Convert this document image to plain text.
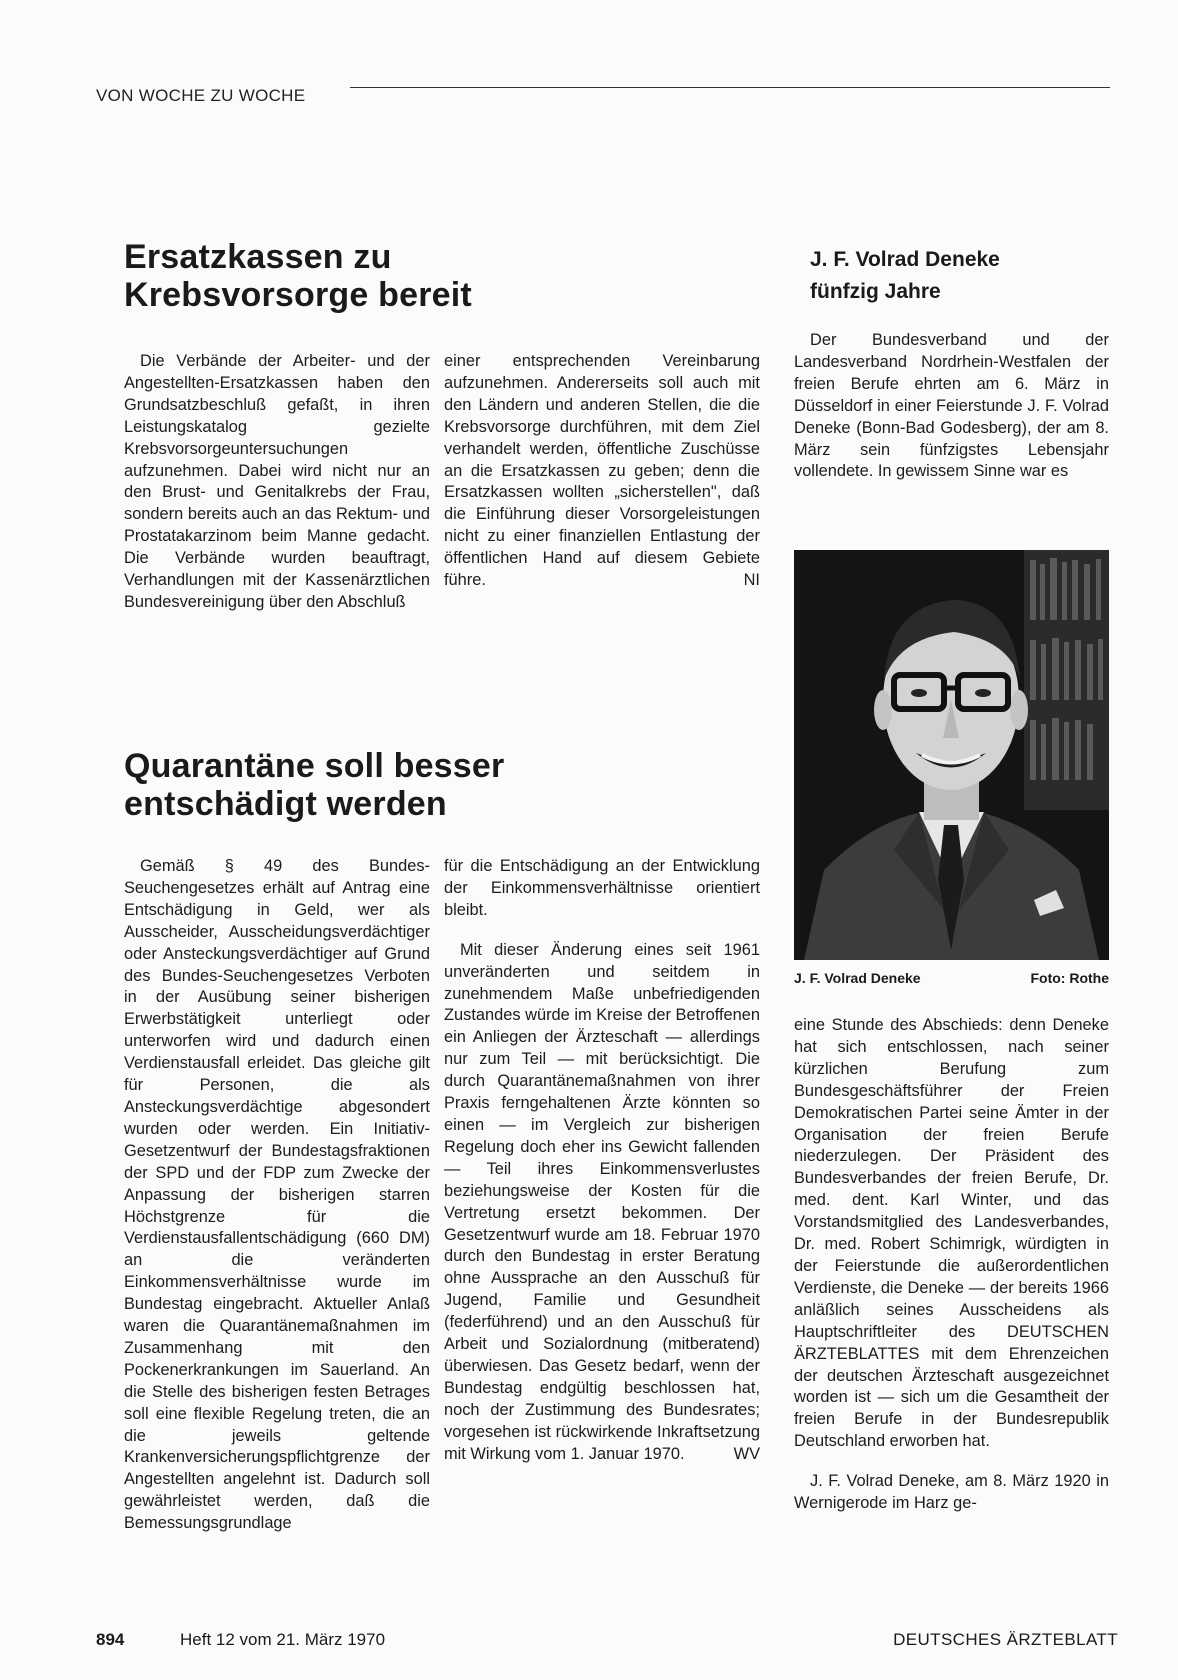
VON WOCHE ZU WOCHE
Ersatzkassen zu
Krebsvorsorge bereit

Die Verbände der Arbeiter- und der Angestellten-Ersatzkassen haben den Grundsatzbeschluß gefaßt, in ihren Leistungskatalog gezielte Krebsvorsorgeuntersuchungen aufzunehmen. Dabei wird nicht nur an den Brust- und Genitalkrebs der Frau, sondern bereits auch an das Rektum- und Prostatakarzinom beim Manne gedacht. Die Verbände wurden beauftragt, Verhandlungen mit der Kassenärztlichen Bundesvereinigung über den Abschluß

einer entsprechenden Vereinbarung aufzunehmen. Andererseits soll auch mit den Ländern und anderen Stellen, die die Krebsvorsorge durchführen, mit dem Ziel verhandelt werden, öffentliche Zuschüsse an die Ersatzkassen zu geben; denn die Ersatzkassen wollten „sicherstellen", daß die Einführung dieser Vorsorgeleistungen nicht zu einer finanziellen Entlastung der öffentlichen Hand auf diesem Gebiete führe.	NI

Quarantäne soll besser
entschädigt werden

Gemäß § 49 des Bundes-Seuchengesetzes erhält auf Antrag eine Entschädigung in Geld, wer als Ausscheider, Ausscheidungsverdächtiger oder Ansteckungsverdächtiger auf Grund des Bundes-Seuchengesetzes Verboten in der Ausübung seiner bisherigen Erwerbstätigkeit unterliegt oder unterworfen wird und dadurch einen Verdienstausfall erleidet. Das gleiche gilt für Personen, die als Ansteckungsverdächtige abgesondert wurden oder werden. Ein Initiativ-Gesetzentwurf der Bundestagsfraktionen der SPD und der FDP zum Zwecke der Anpassung der bisherigen starren Höchstgrenze für die Verdienstausfallentschädigung (660 DM) an die veränderten Einkommensverhältnisse wurde im Bundestag eingebracht. Aktueller Anlaß waren die Quarantänemaßnahmen im Zusammenhang mit den Pockenerkrankungen im Sauerland. An die Stelle des bisherigen festen Betrages soll eine flexible Regelung treten, die an die jeweils geltende Krankenversicherungspflichtgrenze der Angestellten angelehnt ist. Dadurch soll gewährleistet werden, daß die Bemessungsgrundlage

für die Entschädigung an der Entwicklung der Einkommensverhältnisse orientiert bleibt.

Mit dieser Änderung eines seit 1961 unveränderten und seitdem in zunehmendem Maße unbefriedigenden Zustandes würde im Kreise der Betroffenen ein Anliegen der Ärzteschaft — allerdings nur zum Teil — mit berücksichtigt. Die durch Quarantänemaßnahmen von ihrer Praxis ferngehaltenen Ärzte könnten so einen — im Vergleich zur bisherigen Regelung doch eher ins Gewicht fallenden — Teil ihres Einkommensverlustes beziehungsweise der Kosten für die Vertretung ersetzt bekommen. Der Gesetzentwurf wurde am 18. Februar 1970 durch den Bundestag in erster Beratung ohne Aussprache an den Ausschuß für Jugend, Familie und Gesundheit (federführend) und an den Ausschuß für Arbeit und Sozialordnung (mitberatend) überwiesen. Das Gesetz bedarf, wenn der Bundestag endgültig beschlossen hat, noch der Zustimmung des Bundesrates; vorgesehen ist rückwirkende Inkraftsetzung mit Wirkung vom 1. Januar 1970.	WV

J. F. Volrad Deneke
fünfzig Jahre

Der Bundesverband und der Landesverband Nordrhein-Westfalen der freien Berufe ehrten am 6. März in Düsseldorf in einer Feierstunde J. F. Volrad Deneke (Bonn-Bad Godesberg), der am 8. März sein fünfzigstes Lebensjahr vollendete. In gewissem Sinne war es

J. F. Volrad Deneke	Foto: Rothe

eine Stunde des Abschieds: denn Deneke hat sich entschlossen, nach seiner kürzlichen Berufung zum Bundesgeschäftsführer der Freien Demokratischen Partei seine Ämter in der Organisation der freien Berufe niederzulegen. Der Präsident des Bundesverbandes der freien Berufe, Dr. med. dent. Karl Winter, und das Vorstandsmitglied des Landesverbandes, Dr. med. Robert Schimrigk, würdigten in der Feierstunde die außerordentlichen Verdienste, die Deneke — der bereits 1966 anläßlich seines Ausscheidens als Hauptschriftleiter des DEUTSCHEN ÄRZTEBLATTES mit dem Ehrenzeichen der deutschen Ärzteschaft ausgezeichnet worden ist — sich um die Gesamtheit der freien Berufe in der Bundesrepublik Deutschland erworben hat.

J. F. Volrad Deneke, am 8. März 1920 in Wernigerode im Harz ge-

894	Heft 12 vom 21. März 1970	DEUTSCHES ÄRZTEBLATT
